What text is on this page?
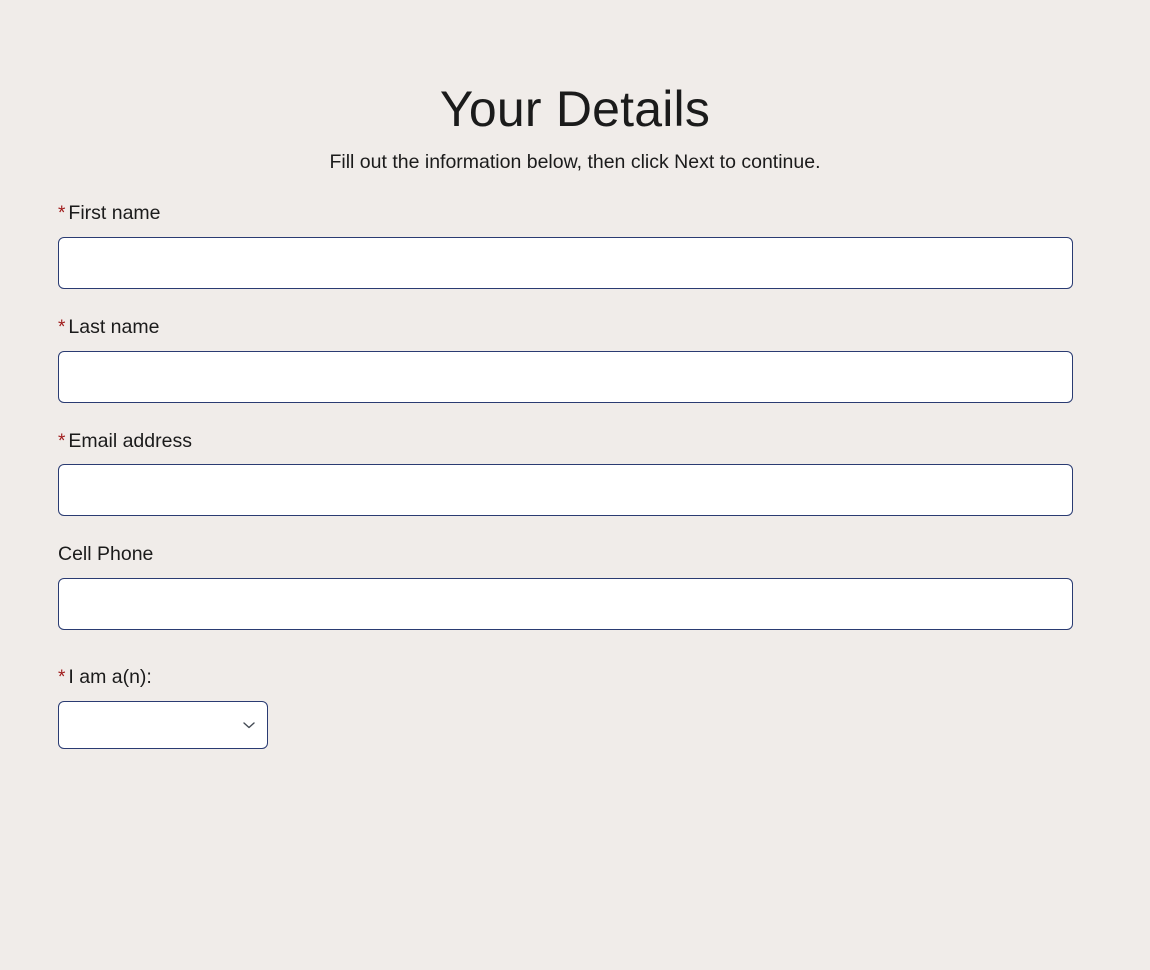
Your Details

Fill out the information below, then click Next to continue.

* First name
* Last name
* Email address
Cell Phone
* I am a(n):
